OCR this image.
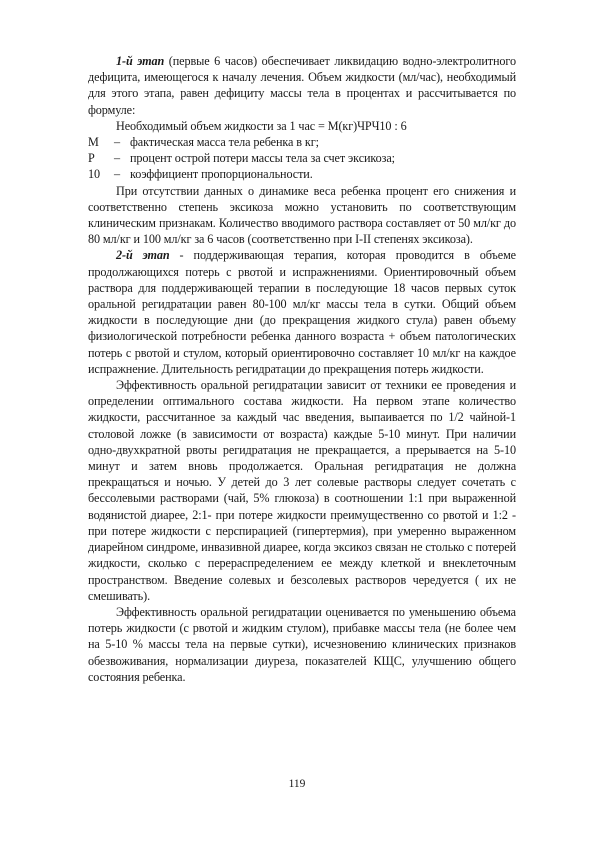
1-й этап (первые 6 часов) обеспечивает ликвидацию водно-электролитного дефицита, имеющегося к началу лечения. Объем жидкости (мл/час), необходимый для этого этапа, равен дефициту массы тела в процентах и рассчитывается по формуле:

Необходимый объем жидкости за 1 час = М(кг)ЧРЧ10 : 6

М	– фактическая масса тела ребенка в кг;
Р	– процент острой потери массы тела за счет эксикоза;
10	– коэффициент пропорциональности.

При отсутствии данных о динамике веса ребенка процент его снижения и соответственно степень эксикоза можно установить по соответствующим клиническим признакам. Количество вводимого раствора составляет от 50 мл/кг до 80 мл/кг и 100 мл/кг за 6 часов (соответственно при I-II степенях эксикоза).

2-й этап - поддерживающая терапия, которая проводится в объеме продолжающихся потерь с рвотой и испражнениями. Ориентировочный объем раствора для поддерживающей терапии в последующие 18 часов первых суток оральной регидратации равен 80-100 мл/кг массы тела в сутки. Общий объем жидкости в последующие дни (до прекращения жидкого стула) равен объему физиологической потребности ребенка данного возраста + объем патологических потерь с рвотой и стулом, который ориентировочно составляет 10 мл/кг на каждое испражнение. Длительность регидратации до прекращения потерь жидкости.

Эффективность оральной регидратации зависит от техники ее проведения и определении оптимального состава жидкости. На первом этапе количество жидкости, рассчитанное за каждый час введения, выпаивается по 1/2 чайной-1 столовой ложке (в зависимости от возраста) каждые 5-10 минут. При наличии одно-двухкратной рвоты регидратация не прекращается, а прерывается на 5-10 минут и затем вновь продолжается. Оральная регидратация не должна прекращаться и ночью. У детей до 3 лет солевые растворы следует сочетать с бессолевыми растворами (чай, 5% глюкоза) в соотношении 1:1 при выраженной водянистой диарее, 2:1- при потере жидкости преимущественно со рвотой и 1:2 - при потере жидкости с перспирацией (гипертермия), при умеренно выраженном диарейном синдроме, инвазивной диарее, когда эксикоз связан не столько с потерей жидкости, сколько с перераспределением ее междy клеткой и внеклеточным пространством. Введение солевых и безсолевых растворов чередуется ( их не смешивать).

Эффективность оральной регидратации оценивается по уменьшению объема потерь жидкости (с рвотой и жидким стулом), прибавке массы тела (не более чем на 5-10 % массы тела на первые сутки), исчезновению клинических признаков обезвоживания, нормализации диуреза, показателей КЩС, улучшению общего состояния ребенка.

119
